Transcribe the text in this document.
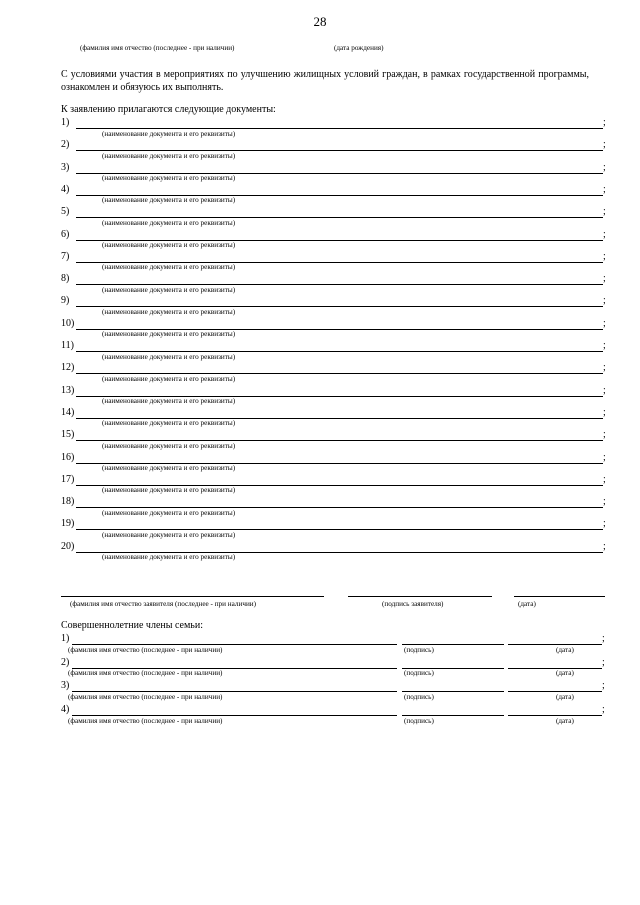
28
(фамилия имя отчество (последнее - при наличии)	(дата рождения)
С условиями участия в мероприятиях по улучшению жилищных условий граждан, в рамках государственной программы, ознакомлен и обязуюсь их выполнять.
К заявлению прилагаются следующие документы:
1)	;
(наименование документа и его реквизиты)
2)	;
(наименование документа и его реквизиты)
3)	;
(наименование документа и его реквизиты)
4)	;
(наименование документа и его реквизиты)
5)	;
(наименование документа и его реквизиты)
6)	;
(наименование документа и его реквизиты)
7)	;
(наименование документа и его реквизиты)
8)	;
(наименование документа и его реквизиты)
9)	;
(наименование документа и его реквизиты)
10)	;
(наименование документа и его реквизиты)
11)	;
(наименование документа и его реквизиты)
12)	;
(наименование документа и его реквизиты)
13)	;
(наименование документа и его реквизиты)
14)	;
(наименование документа и его реквизиты)
15)	;
(наименование документа и его реквизиты)
16)	;
(наименование документа и его реквизиты)
17)	;
(наименование документа и его реквизиты)
18)	;
(наименование документа и его реквизиты)
19)	;
(наименование документа и его реквизиты)
20)	;
(наименование документа и его реквизиты)
(фамилия имя отчество заявителя (последнее - при наличии)	(подпись заявителя)	(дата)
Совершеннолетние члены семьи:
1)	;
(фамилия имя отчество (последнее - при наличии)	(подпись)	(дата)
2)	;
(фамилия имя отчество (последнее - при наличии)	(подпись)	(дата)
3)	;
(фамилия имя отчество (последнее - при наличии)	(подпись)	(дата)
4)	;
(фамилия имя отчество (последнее - при наличии)	(подпись)	(дата)
